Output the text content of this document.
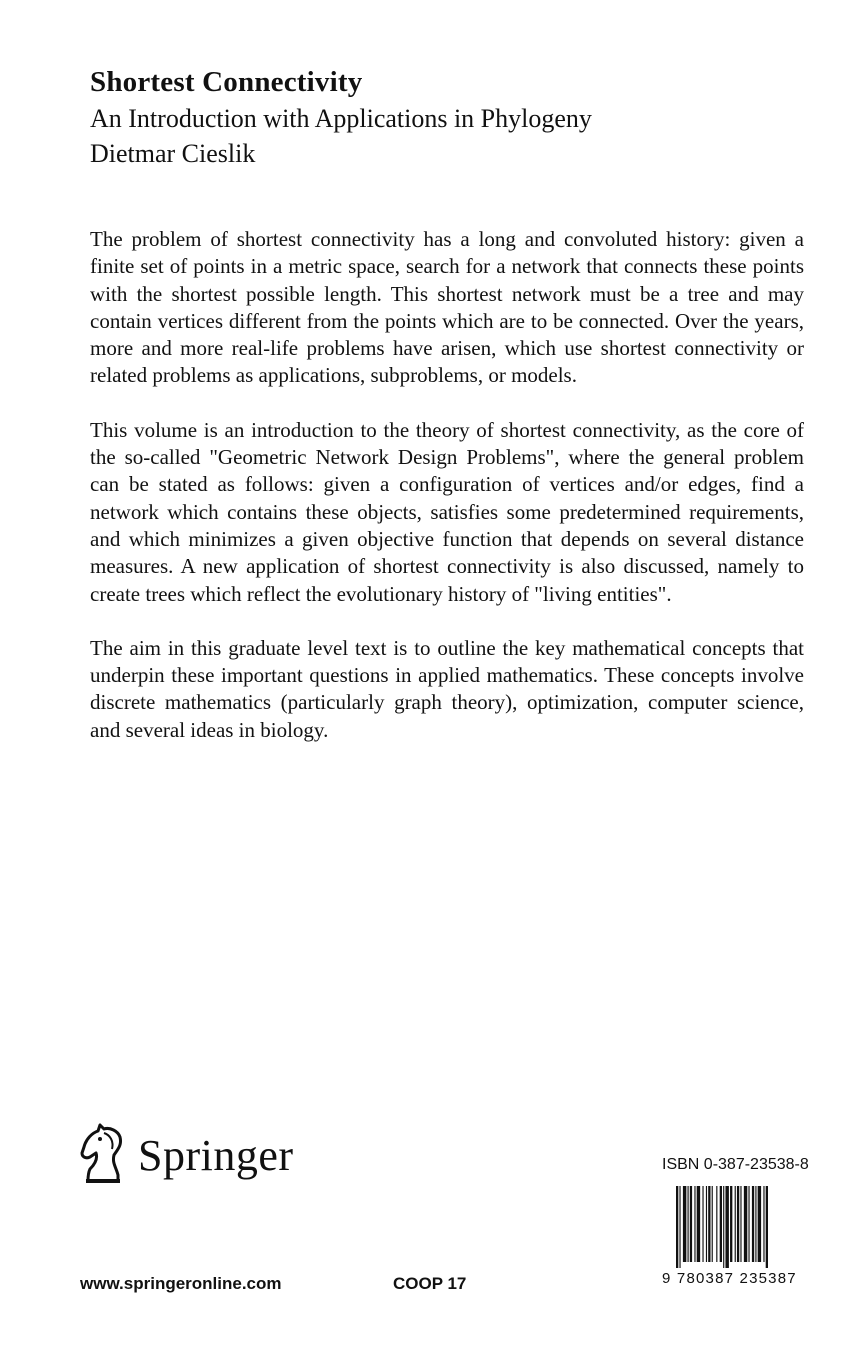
Shortest Connectivity
An Introduction with Applications in Phylogeny
Dietmar Cieslik

The problem of shortest connectivity has a long and convoluted history: given a finite set of points in a metric space, search for a network that connects these points with the shortest possible length. This shortest network must be a tree and may contain vertices different from the points which are to be connected. Over the years, more and more real-life problems have arisen, which use shortest connectivity or related problems as applications, subproblems, or models.

This volume is an introduction to the theory of shortest connectivity, as the core of the so-called "Geometric Network Design Problems", where the general problem can be stated as follows: given a configuration of vertices and/or edges, find a network which contains these objects, satisfies some predetermined requirements, and which minimizes a given objective function that depends on several distance measures. A new application of shortest connectivity is also discussed, namely to create trees which reflect the evolutionary history of "living entities".

The aim in this graduate level text is to outline the key mathematical concepts that underpin these important questions in applied mathematics. These concepts involve discrete mathematics (particularly graph theory), optimization, computer science, and several ideas in biology.

Springer	ISBN 0-387-23538-8
9 780387 235387
www.springeronline.com	COOP 17
